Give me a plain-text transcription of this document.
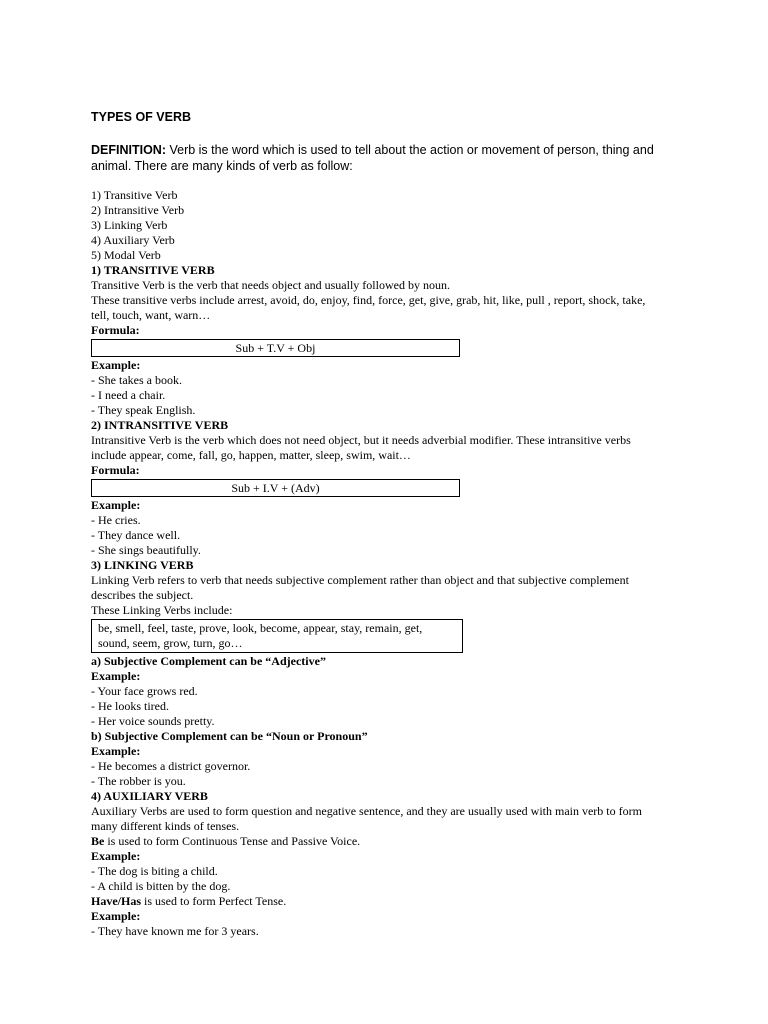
TYPES OF VERB
DEFINITION: Verb is the word which is used to tell about the action or movement of person, thing and animal. There are many kinds of verb as follow:
1) Transitive Verb
2) Intransitive Verb
3) Linking Verb
4) Auxiliary Verb
5) Modal Verb
1) TRANSITIVE VERB
Transitive Verb is the verb that needs object and usually followed by noun.
These transitive verbs include arrest, avoid, do, enjoy, find, force, get, give, grab, hit, like, pull , report, shock, take,
tell, touch, want, warn…
Formula:
Sub + T.V + Obj
Example:
- She takes a book.
- I need a chair.
- They speak English.
2) INTRANSITIVE VERB
Intransitive Verb is the verb which does not need object, but it needs adverbial modifier. These intransitive verbs
include appear, come, fall, go, happen, matter, sleep, swim, wait…
Formula:
Sub + I.V + (Adv)
Example:
- He cries.
- They dance well.
- She sings beautifully.
3) LINKING VERB
Linking Verb refers to verb that needs subjective complement rather than object and that subjective complement
describes the subject.
These Linking Verbs include:
be, smell, feel, taste, prove, look, become, appear, stay, remain, get,
sound, seem, grow, turn, go…
a) Subjective Complement can be “Adjective”
Example:
- Your face grows red.
- He looks tired.
- Her voice sounds pretty.
b) Subjective Complement can be “Noun or Pronoun”
Example:
- He becomes a district governor.
- The robber is you.
4) AUXILIARY VERB
Auxiliary Verbs are used to form question and negative sentence, and they are usually used with main verb to form
many different kinds of tenses.
Be is used to form Continuous Tense and Passive Voice.
Example:
- The dog is biting a child.
- A child is bitten by the dog.
Have/Has is used to form Perfect Tense.
Example:
- They have known me for 3 years.
